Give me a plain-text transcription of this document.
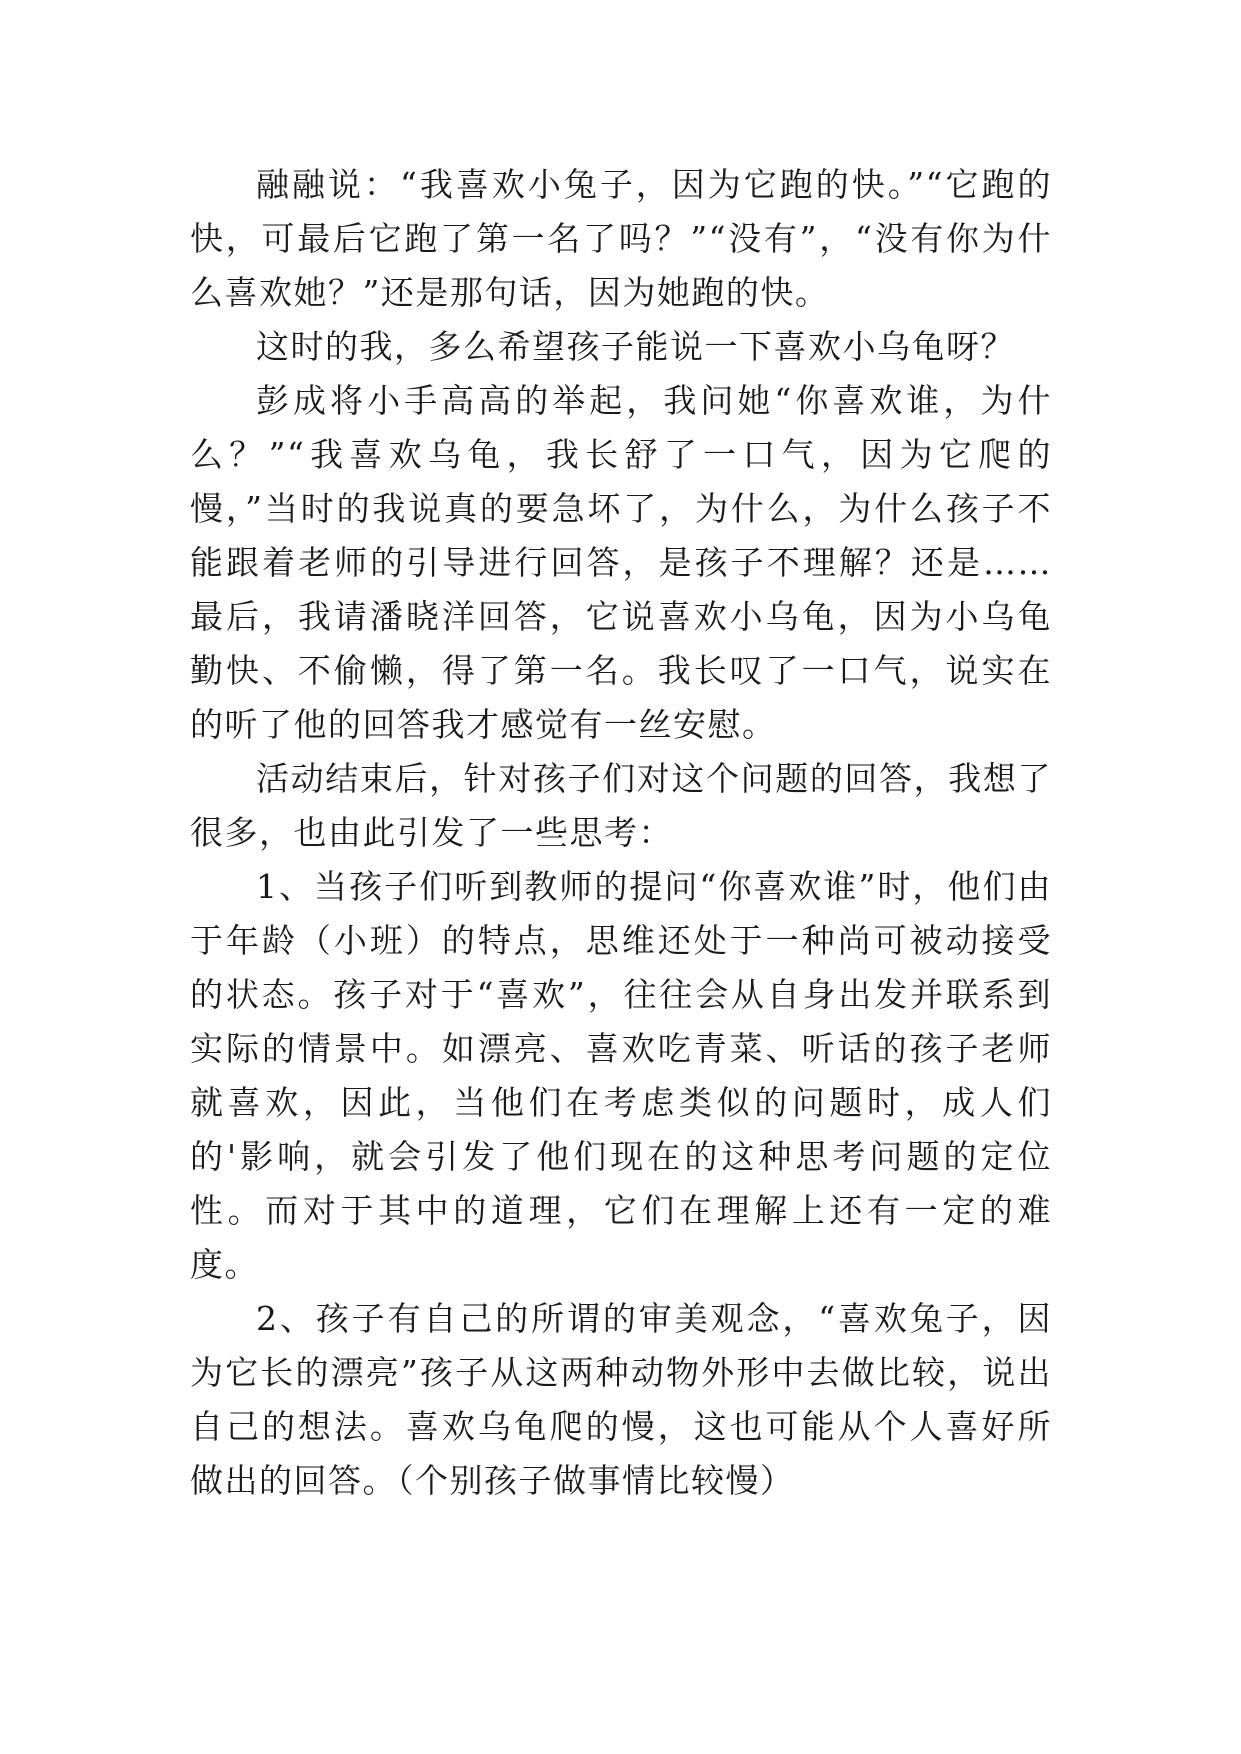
融融说：“我喜欢小兔子，因为它跑的快。”“它跑的快，可最后它跑了第一名了吗？”“没有”，“没有你为什么喜欢她？”还是那句话，因为她跑的快。

这时的我，多么希望孩子能说一下喜欢小乌龟呀？

彭成将小手高高的举起，我问她“你喜欢谁，为什么？”“我喜欢乌龟，我长舒了一口气，因为它爬的慢，”当时的我说真的要急坏了，为什么，为什么孩子不能跟着老师的引导进行回答，是孩子不理解？还是……最后，我请潘晓洋回答，它说喜欢小乌龟，因为小乌龟勤快、不偷懒，得了第一名。我长叹了一口气，说实在的听了他的回答我才感觉有一丝安慰。

活动结束后，针对孩子们对这个问题的回答，我想了很多，也由此引发了一些思考：

1、当孩子们听到教师的提问“你喜欢谁”时，他们由于年龄（小班）的特点，思维还处于一种尚可被动接受的状态。孩子对于“喜欢”，往往会从自身出发并联系到实际的情景中。如漂亮、喜欢吃青菜、听话的孩子老师就喜欢，因此，当他们在考虑类似的问题时，成人们的'影响，就会引发了他们现在的这种思考问题的定位性。而对于其中的道理，它们在理解上还有一定的难度。

2、孩子有自己的所谓的审美观念，“喜欢兔子，因为它长的漂亮”孩子从这两种动物外形中去做比较，说出自己的想法。喜欢乌龟爬的慢，这也可能从个人喜好所做出的回答。（个别孩子做事情比较慢）
